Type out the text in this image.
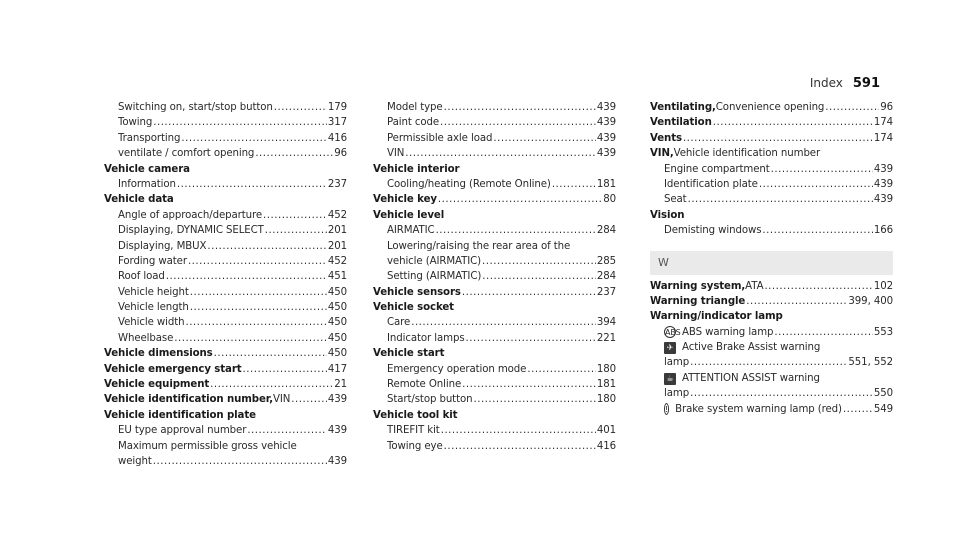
Index 591
Switching on, start/stop button .....	179
Towing .....	317
Transporting .....	416
ventilate / comfort opening .....	96
Vehicle camera
Information .....	237
Vehicle data
Angle of approach/departure .....	452
Displaying, DYNAMIC SELECT .....	201
Displaying, MBUX .....	201
Fording water .....	452
Roof load .....	451
Vehicle height .....	450
Vehicle length .....	450
Vehicle width .....	450
Wheelbase .....	450
Vehicle dimensions .....	450
Vehicle emergency start .....	417
Vehicle equipment .....	21
Vehicle identification number, VIN .....	439
Vehicle identification plate
EU type approval number .....	439
Maximum permissible gross vehicle
weight .....	439
Model type .....	439
Paint code .....	439
Permissible axle load .....	439
VIN .....	439
Vehicle interior
Cooling/heating (Remote Online) .....	181
Vehicle key .....	80
Vehicle level
AIRMATIC .....	284
Lowering/raising the rear area of the
vehicle (AIRMATIC) .....	285
Setting (AIRMATIC) .....	284
Vehicle sensors .....	237
Vehicle socket
Care .....	394
Indicator lamps .....	221
Vehicle start
Emergency operation mode .....	180
Remote Online .....	181
Start/stop button .....	180
Vehicle tool kit
TIREFIT kit .....	401
Towing eye .....	416
Ventilating, Convenience opening .....	96
Ventilation .....	174
Vents .....	174
VIN, Vehicle identification number
Engine compartment .....	439
Identification plate .....	439
Seat .....	439
Vision
Demisting windows .....	166
W
Warning system, ATA .....	102
Warning triangle .....	399, 400
Warning/indicator lamp
ABS ABS warning lamp .....	553
✈ Active Brake Assist warning
lamp .....	551, 552
☕ ATTENTION ASSIST warning
lamp .....	550
! Brake system warning lamp (red) .....	549
